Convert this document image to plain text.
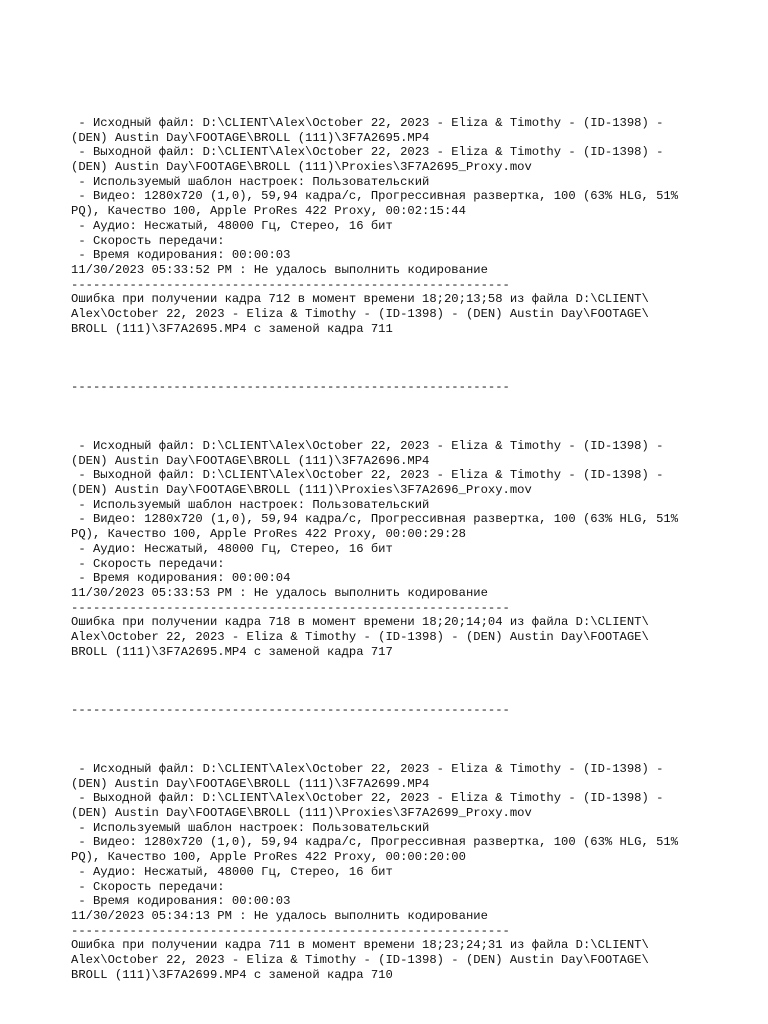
- Исходный файл: D:\CLIENT\Alex\October 22, 2023 - Eliza & Timothy - (ID-1398) -
(DEN) Austin Day\FOOTAGE\BROLL (111)\3F7A2695.MP4
- Выходной файл: D:\CLIENT\Alex\October 22, 2023 - Eliza & Timothy - (ID-1398) -
(DEN) Austin Day\FOOTAGE\BROLL (111)\Proxies\3F7A2695_Proxy.mov
- Используемый шаблон настроек: Пользовательский
- Видео: 1280x720 (1,0), 59,94 кадра/с, Прогрессивная развертка, 100 (63% HLG, 51%
PQ), Качество 100, Apple ProRes 422 Proxy, 00:02:15:44
- Аудио: Несжатый, 48000 Гц, Стерео, 16 бит
- Скорость передачи:
- Время кодирования: 00:00:03
11/30/2023 05:33:52 PM : Не удалось выполнить кодирование
------------------------------------------------------------
Ошибка при получении кадра 712 в момент времени 18;20;13;58 из файла D:\CLIENT\
Alex\October 22, 2023 - Eliza & Timothy - (ID-1398) - (DEN) Austin Day\FOOTAGE\
BROLL (111)\3F7A2695.MP4 с заменой кадра 711
------------------------------------------------------------
- Исходный файл: D:\CLIENT\Alex\October 22, 2023 - Eliza & Timothy - (ID-1398) -
(DEN) Austin Day\FOOTAGE\BROLL (111)\3F7A2696.MP4
- Выходной файл: D:\CLIENT\Alex\October 22, 2023 - Eliza & Timothy - (ID-1398) -
(DEN) Austin Day\FOOTAGE\BROLL (111)\Proxies\3F7A2696_Proxy.mov
- Используемый шаблон настроек: Пользовательский
- Видео: 1280x720 (1,0), 59,94 кадра/с, Прогрессивная развертка, 100 (63% HLG, 51%
PQ), Качество 100, Apple ProRes 422 Proxy, 00:00:29:28
- Аудио: Несжатый, 48000 Гц, Стерео, 16 бит
- Скорость передачи:
- Время кодирования: 00:00:04
11/30/2023 05:33:53 PM : Не удалось выполнить кодирование
------------------------------------------------------------
Ошибка при получении кадра 718 в момент времени 18;20;14;04 из файла D:\CLIENT\
Alex\October 22, 2023 - Eliza & Timothy - (ID-1398) - (DEN) Austin Day\FOOTAGE\
BROLL (111)\3F7A2695.MP4 с заменой кадра 717
------------------------------------------------------------
- Исходный файл: D:\CLIENT\Alex\October 22, 2023 - Eliza & Timothy - (ID-1398) -
(DEN) Austin Day\FOOTAGE\BROLL (111)\3F7A2699.MP4
- Выходной файл: D:\CLIENT\Alex\October 22, 2023 - Eliza & Timothy - (ID-1398) -
(DEN) Austin Day\FOOTAGE\BROLL (111)\Proxies\3F7A2699_Proxy.mov
- Используемый шаблон настроек: Пользовательский
- Видео: 1280x720 (1,0), 59,94 кадра/с, Прогрессивная развертка, 100 (63% HLG, 51%
PQ), Качество 100, Apple ProRes 422 Proxy, 00:00:20:00
- Аудио: Несжатый, 48000 Гц, Стерео, 16 бит
- Скорость передачи:
- Время кодирования: 00:00:03
11/30/2023 05:34:13 PM : Не удалось выполнить кодирование
------------------------------------------------------------
Ошибка при получении кадра 711 в момент времени 18;23;24;31 из файла D:\CLIENT\
Alex\October 22, 2023 - Eliza & Timothy - (ID-1398) - (DEN) Austin Day\FOOTAGE\
BROLL (111)\3F7A2699.MP4 с заменой кадра 710
